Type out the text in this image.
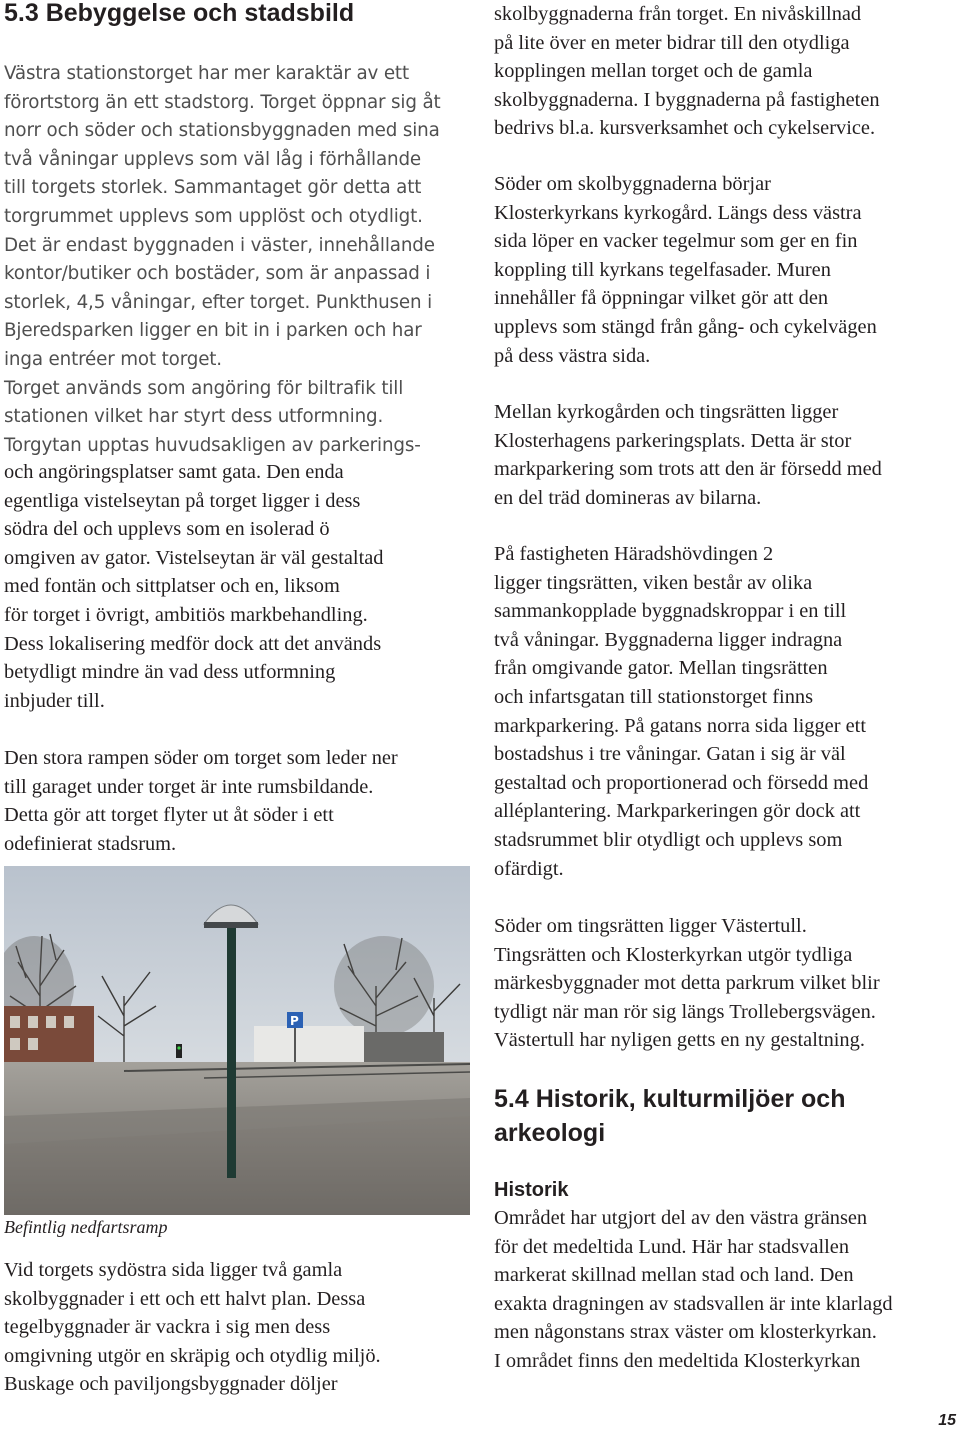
5.3 Bebyggelse och stadsbild
Västra stationstorget har mer karaktär av ett
förortstorg än ett stadstorg. Torget öppnar sig åt
norr och söder och stationsbyggnaden med sina
två våningar upplevs som väl låg i förhållande
till torgets storlek. Sammantaget gör detta att
torgrummet upplevs som upplöst och otydligt.
Det är endast byggnaden i väster, innehållande
kontor/butiker och bostäder, som är anpassad i
storlek, 4,5 våningar, efter torget. Punkthusen i
Bjeredsparken ligger en bit in i parken och har
inga entréer mot torget.
Torget används som angöring för biltrafik till
stationen vilket har styrt dess utformning.
Torgytan upptas huvudsakligen av parkerings-
och angöringsplatser samt gata. Den enda
egentliga vistelseytan på torget ligger i dess
södra del och upplevs som en isolerad ö
omgiven av gator. Vistelseytan är väl gestaltad
med fontän och sittplatser och en, liksom
för torget i övrigt, ambitiös markbehandling.
Dess lokalisering medför dock att det används
betydligt mindre än vad dess utformning
inbjuder till.
Den stora rampen söder om torget som leder ner
till garaget under torget är inte rumsbildande.
Detta gör att torget flyter ut åt söder i ett
odefinierat stadsrum.
P
Befintlig nedfartsramp
Vid torgets sydöstra sida ligger två gamla
skolbyggnader i ett och ett halvt plan. Dessa
tegelbyggnader är vackra i sig men dess
omgivning utgör en skräpig och otydlig miljö.
Buskage och paviljongsbyggnader döljer
skolbyggnaderna från torget. En nivåskillnad
på lite över en meter bidrar till den otydliga
kopplingen mellan torget och de gamla
skolbyggnaderna. I byggnaderna på fastigheten
bedrivs bl.a. kursverksamhet och cykelservice.
Söder om skolbyggnaderna börjar
Klosterkyrkans kyrkogård. Längs dess västra
sida löper en vacker tegelmur som ger en fin
koppling till kyrkans tegelfasader. Muren
innehåller få öppningar vilket gör att den
upplevs som stängd från gång- och cykelvägen
på dess västra sida.
Mellan kyrkogården och tingsrätten ligger
Klosterhagens parkeringsplats. Detta är stor
markparkering som trots att den är försedd med
en del träd domineras av bilarna.
På fastigheten Häradshövdingen 2
ligger tingsrätten, viken består av olika
sammankopplade byggnadskroppar i en till
två våningar. Byggnaderna ligger indragna
från omgivande gator. Mellan tingsrätten
och infartsgatan till stationstorget finns
markparkering. På gatans norra sida ligger ett
bostadshus i tre våningar. Gatan i sig är väl
gestaltad och proportionerad och försedd med
alléplantering. Markparkeringen gör dock att
stadsrummet blir otydligt och upplevs som
ofärdigt.
Söder om tingsrätten ligger Västertull.
Tingsrätten och Klosterkyrkan utgör tydliga
märkesbyggnader mot detta parkrum vilket blir
tydligt när man rör sig längs Trollebergsvägen.
Västertull har nyligen getts en ny gestaltning.
5.4 Historik, kulturmiljöer och
arkeologi
Historik
Området har utgjort del av den västra gränsen
för det medeltida Lund. Här har stadsvallen
markerat skillnad mellan stad och land. Den
exakta dragningen av stadsvallen är inte klarlagd
men någonstans strax väster om klosterkyrkan.
I området finns den medeltida Klosterkyrkan
15
